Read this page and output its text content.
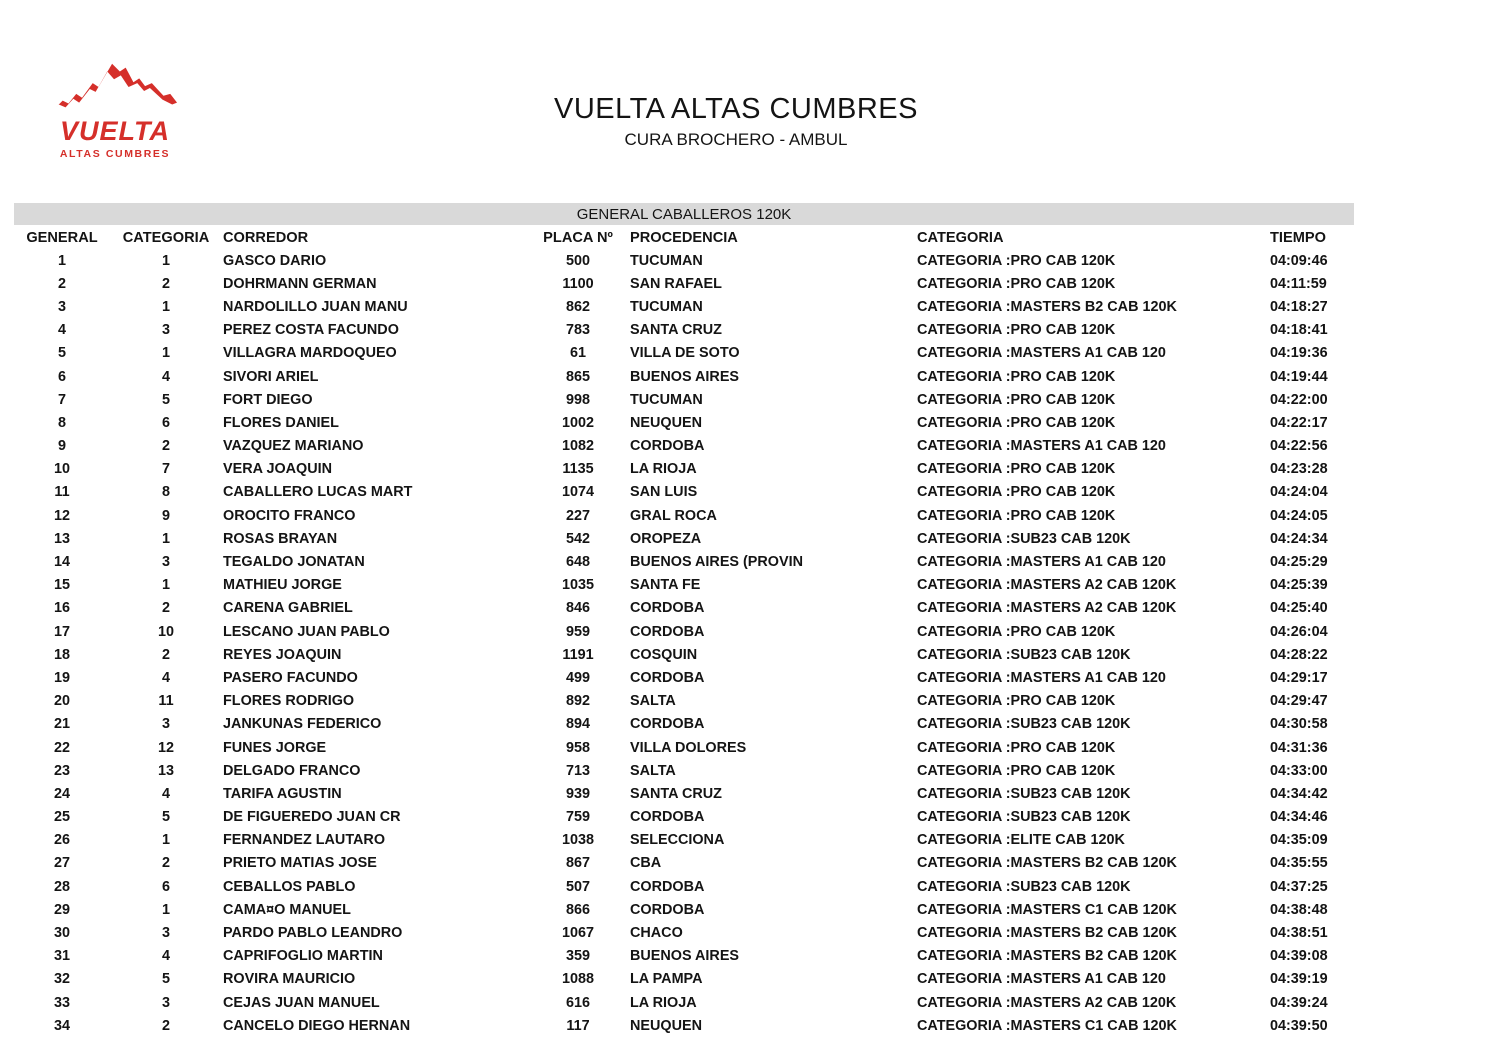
VUELTA
ALTAS CUMBRES
VUELTA ALTAS CUMBRES
CURA BROCHERO - AMBUL
GENERAL CABALLEROS 120K
GENERAL	CATEGORIA CORREDOR	PLACA Nº	PROCEDENCIA	CATEGORIA	TIEMPO
1	1	GASCO DARIO	500	TUCUMAN	CATEGORIA :PRO CAB 120K	04:09:46
2	2	DOHRMANN GERMAN	1100	SAN RAFAEL	CATEGORIA :PRO CAB 120K	04:11:59
3	1	NARDOLILLO JUAN MANU	862	TUCUMAN	CATEGORIA :MASTERS B2 CAB 120K	04:18:27
4	3	PEREZ COSTA FACUNDO	783	SANTA CRUZ	CATEGORIA :PRO CAB 120K	04:18:41
5	1	VILLAGRA MARDOQUEO	61	VILLA DE SOTO	CATEGORIA :MASTERS A1 CAB 120	04:19:36
6	4	SIVORI ARIEL	865	BUENOS AIRES	CATEGORIA :PRO CAB 120K	04:19:44
7	5	FORT DIEGO	998	TUCUMAN	CATEGORIA :PRO CAB 120K	04:22:00
8	6	FLORES DANIEL	1002	NEUQUEN	CATEGORIA :PRO CAB 120K	04:22:17
9	2	VAZQUEZ MARIANO	1082	CORDOBA	CATEGORIA :MASTERS A1 CAB 120	04:22:56
10	7	VERA JOAQUIN	1135	LA RIOJA	CATEGORIA :PRO CAB 120K	04:23:28
11	8	CABALLERO LUCAS MART	1074	SAN LUIS	CATEGORIA :PRO CAB 120K	04:24:04
12	9	OROCITO FRANCO	227	GRAL ROCA	CATEGORIA :PRO CAB 120K	04:24:05
13	1	ROSAS BRAYAN	542	OROPEZA	CATEGORIA :SUB23 CAB 120K	04:24:34
14	3	TEGALDO JONATAN	648	BUENOS AIRES (PROVIN	CATEGORIA :MASTERS A1 CAB 120	04:25:29
15	1	MATHIEU JORGE	1035	SANTA FE	CATEGORIA :MASTERS A2 CAB 120K	04:25:39
16	2	CARENA GABRIEL	846	CORDOBA	CATEGORIA :MASTERS A2 CAB 120K	04:25:40
17	10	LESCANO JUAN PABLO	959	CORDOBA	CATEGORIA :PRO CAB 120K	04:26:04
18	2	REYES JOAQUIN	1191	COSQUIN	CATEGORIA :SUB23 CAB 120K	04:28:22
19	4	PASERO FACUNDO	499	CORDOBA	CATEGORIA :MASTERS A1 CAB 120	04:29:17
20	11	FLORES RODRIGO	892	SALTA	CATEGORIA :PRO CAB 120K	04:29:47
21	3	JANKUNAS FEDERICO	894	CORDOBA	CATEGORIA :SUB23 CAB 120K	04:30:58
22	12	FUNES JORGE	958	VILLA DOLORES	CATEGORIA :PRO CAB 120K	04:31:36
23	13	DELGADO FRANCO	713	SALTA	CATEGORIA :PRO CAB 120K	04:33:00
24	4	TARIFA AGUSTIN	939	SANTA CRUZ	CATEGORIA :SUB23 CAB 120K	04:34:42
25	5	DE FIGUEREDO JUAN CR	759	CORDOBA	CATEGORIA :SUB23 CAB 120K	04:34:46
26	1	FERNANDEZ LAUTARO	1038	SELECCIONA	CATEGORIA :ELITE CAB 120K	04:35:09
27	2	PRIETO MATIAS JOSE	867	CBA	CATEGORIA :MASTERS B2 CAB 120K	04:35:55
28	6	CEBALLOS PABLO	507	CORDOBA	CATEGORIA :SUB23 CAB 120K	04:37:25
29	1	CAMA¤O MANUEL	866	CORDOBA	CATEGORIA :MASTERS C1 CAB 120K	04:38:48
30	3	PARDO PABLO LEANDRO	1067	CHACO	CATEGORIA :MASTERS B2 CAB 120K	04:38:51
31	4	CAPRIFOGLIO MARTIN	359	BUENOS AIRES	CATEGORIA :MASTERS B2 CAB 120K	04:39:08
32	5	ROVIRA MAURICIO	1088	LA PAMPA	CATEGORIA :MASTERS A1 CAB 120	04:39:19
33	3	CEJAS JUAN MANUEL	616	LA RIOJA	CATEGORIA :MASTERS A2 CAB 120K	04:39:24
34	2	CANCELO DIEGO HERNAN	117	NEUQUEN	CATEGORIA :MASTERS C1 CAB 120K	04:39:50
